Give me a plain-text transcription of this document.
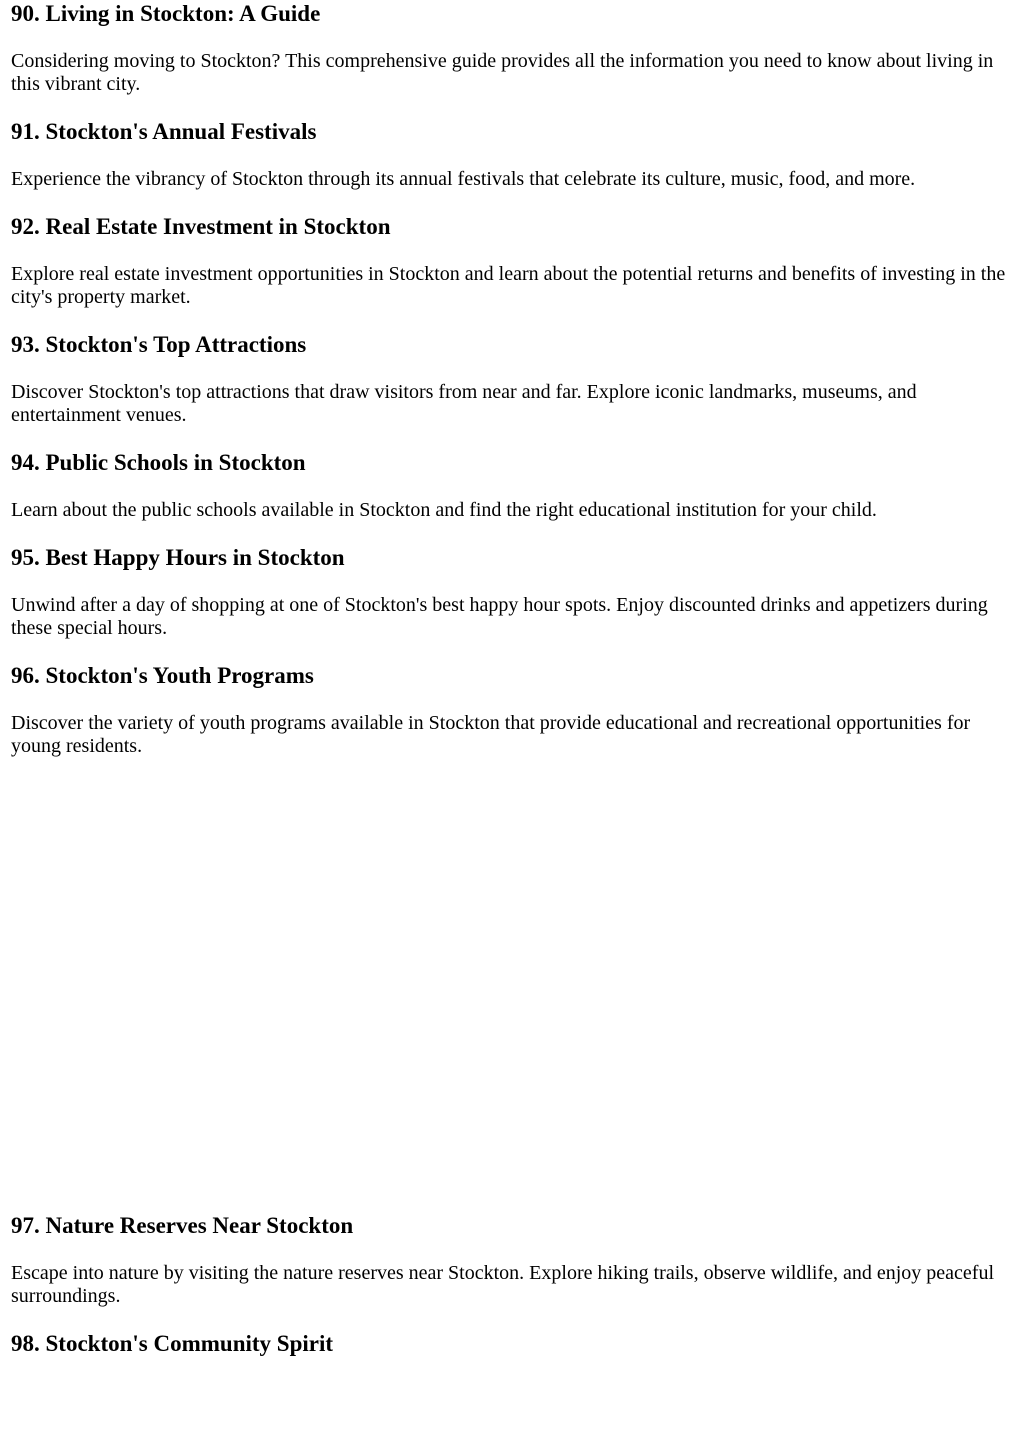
90. Living in Stockton: A Guide

Considering moving to Stockton? This comprehensive guide provides all the information you need to know about living in this vibrant city.

91. Stockton's Annual Festivals

Experience the vibrancy of Stockton through its annual festivals that celebrate its culture, music, food, and more.

92. Real Estate Investment in Stockton

Explore real estate investment opportunities in Stockton and learn about the potential returns and benefits of investing in the city's property market.

93. Stockton's Top Attractions

Discover Stockton's top attractions that draw visitors from near and far. Explore iconic landmarks, museums, and entertainment venues.

94. Public Schools in Stockton

Learn about the public schools available in Stockton and find the right educational institution for your child.

95. Best Happy Hours in Stockton

Unwind after a day of shopping at one of Stockton's best happy hour spots. Enjoy discounted drinks and appetizers during these special hours.

96. Stockton's Youth Programs

Discover the variety of youth programs available in Stockton that provide educational and recreational opportunities for young residents.

97. Nature Reserves Near Stockton

Escape into nature by visiting the nature reserves near Stockton. Explore hiking trails, observe wildlife, and enjoy peaceful surroundings.

98. Stockton's Community Spirit
